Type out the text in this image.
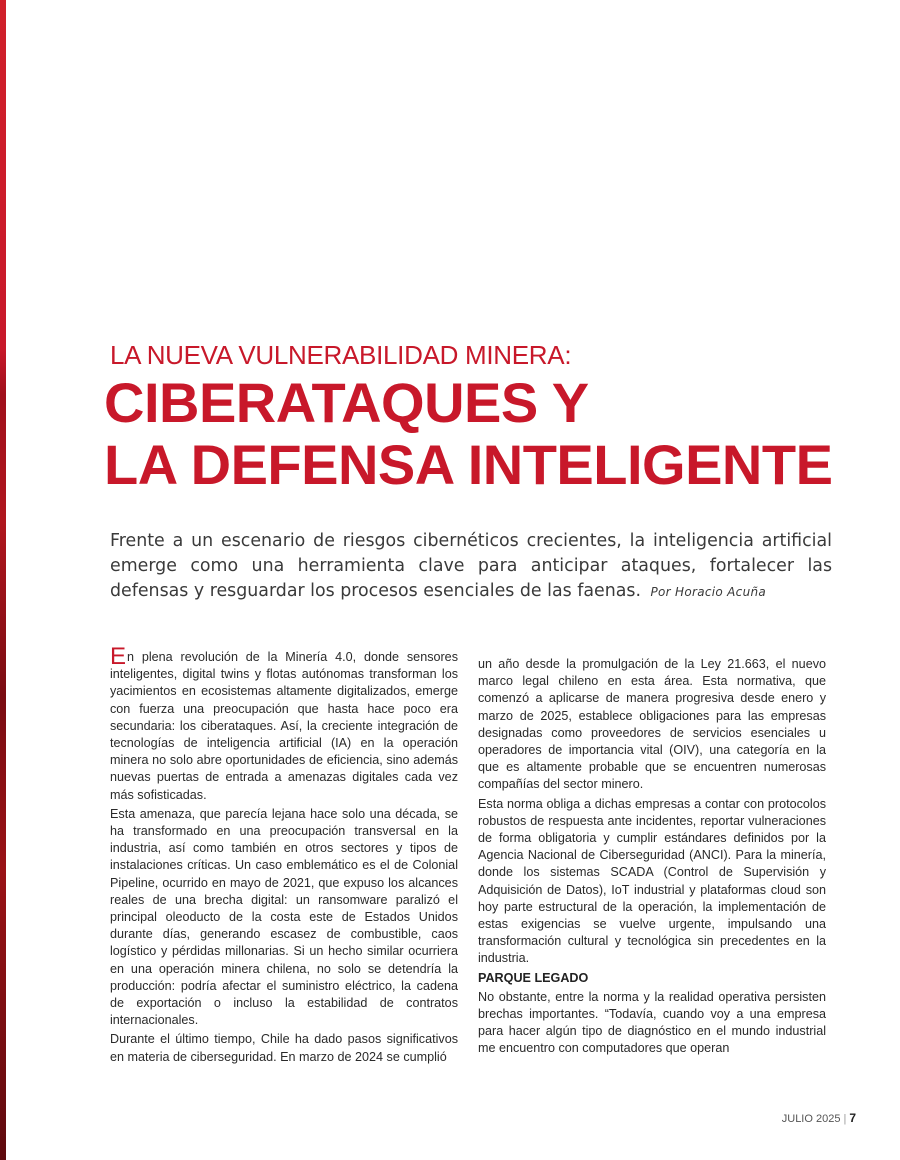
LA NUEVA VULNERABILIDAD MINERA:
CIBERATAQUES Y
LA DEFENSA INTELIGENTE
Frente a un escenario de riesgos cibernéticos crecientes, la inteligencia artificial emerge como una herramienta clave para anticipar ataques, fortalecer las defensas y resguardar los procesos esenciales de las faenas. Por Horacio Acuña

En plena revolución de la Minería 4.0, donde sensores inteligentes, digital twins y flotas autónomas transforman los yacimientos en ecosistemas altamente digitalizados, emerge con fuerza una preocupación que hasta hace poco era secundaria: los ciberataques. Así, la creciente integración de tecnologías de inteligencia artificial (IA) en la operación minera no solo abre oportunidades de eficiencia, sino además nuevas puertas de entrada a amenazas digitales cada vez más sofisticadas.

Esta amenaza, que parecía lejana hace solo una década, se ha transformado en una preocupación transversal en la industria, así como también en otros sectores y tipos de instalaciones críticas. Un caso emblemático es el de Colonial Pipeline, ocurrido en mayo de 2021, que expuso los alcances reales de una brecha digital: un ransomware paralizó el principal oleoducto de la costa este de Estados Unidos durante días, generando escasez de combustible, caos logístico y pérdidas millonarias. Si un hecho similar ocurriera en una operación minera chilena, no solo se detendría la producción: podría afectar el suministro eléctrico, la cadena de exportación o incluso la estabilidad de contratos internacionales.

Durante el último tiempo, Chile ha dado pasos significativos en materia de ciberseguridad. En marzo de 2024 se cumplió

un año desde la promulgación de la Ley 21.663, el nuevo marco legal chileno en esta área. Esta normativa, que comenzó a aplicarse de manera progresiva desde enero y marzo de 2025, establece obligaciones para las empresas designadas como proveedores de servicios esenciales u operadores de importancia vital (OIV), una categoría en la que es altamente probable que se encuentren numerosas compañías del sector minero.

Esta norma obliga a dichas empresas a contar con protocolos robustos de respuesta ante incidentes, reportar vulneraciones de forma obligatoria y cumplir estándares definidos por la Agencia Nacional de Ciberseguridad (ANCI). Para la minería, donde los sistemas SCADA (Control de Supervisión y Adquisición de Datos), IoT industrial y plataformas cloud son hoy parte estructural de la operación, la implementación de estas exigencias se vuelve urgente, impulsando una transformación cultural y tecnológica sin precedentes en la industria.

PARQUE LEGADO

No obstante, entre la norma y la realidad operativa persisten brechas importantes. “Todavía, cuando voy a una empresa para hacer algún tipo de diagnóstico en el mundo industrial me encuentro con computadores que operan

JULIO 2025 | 7
